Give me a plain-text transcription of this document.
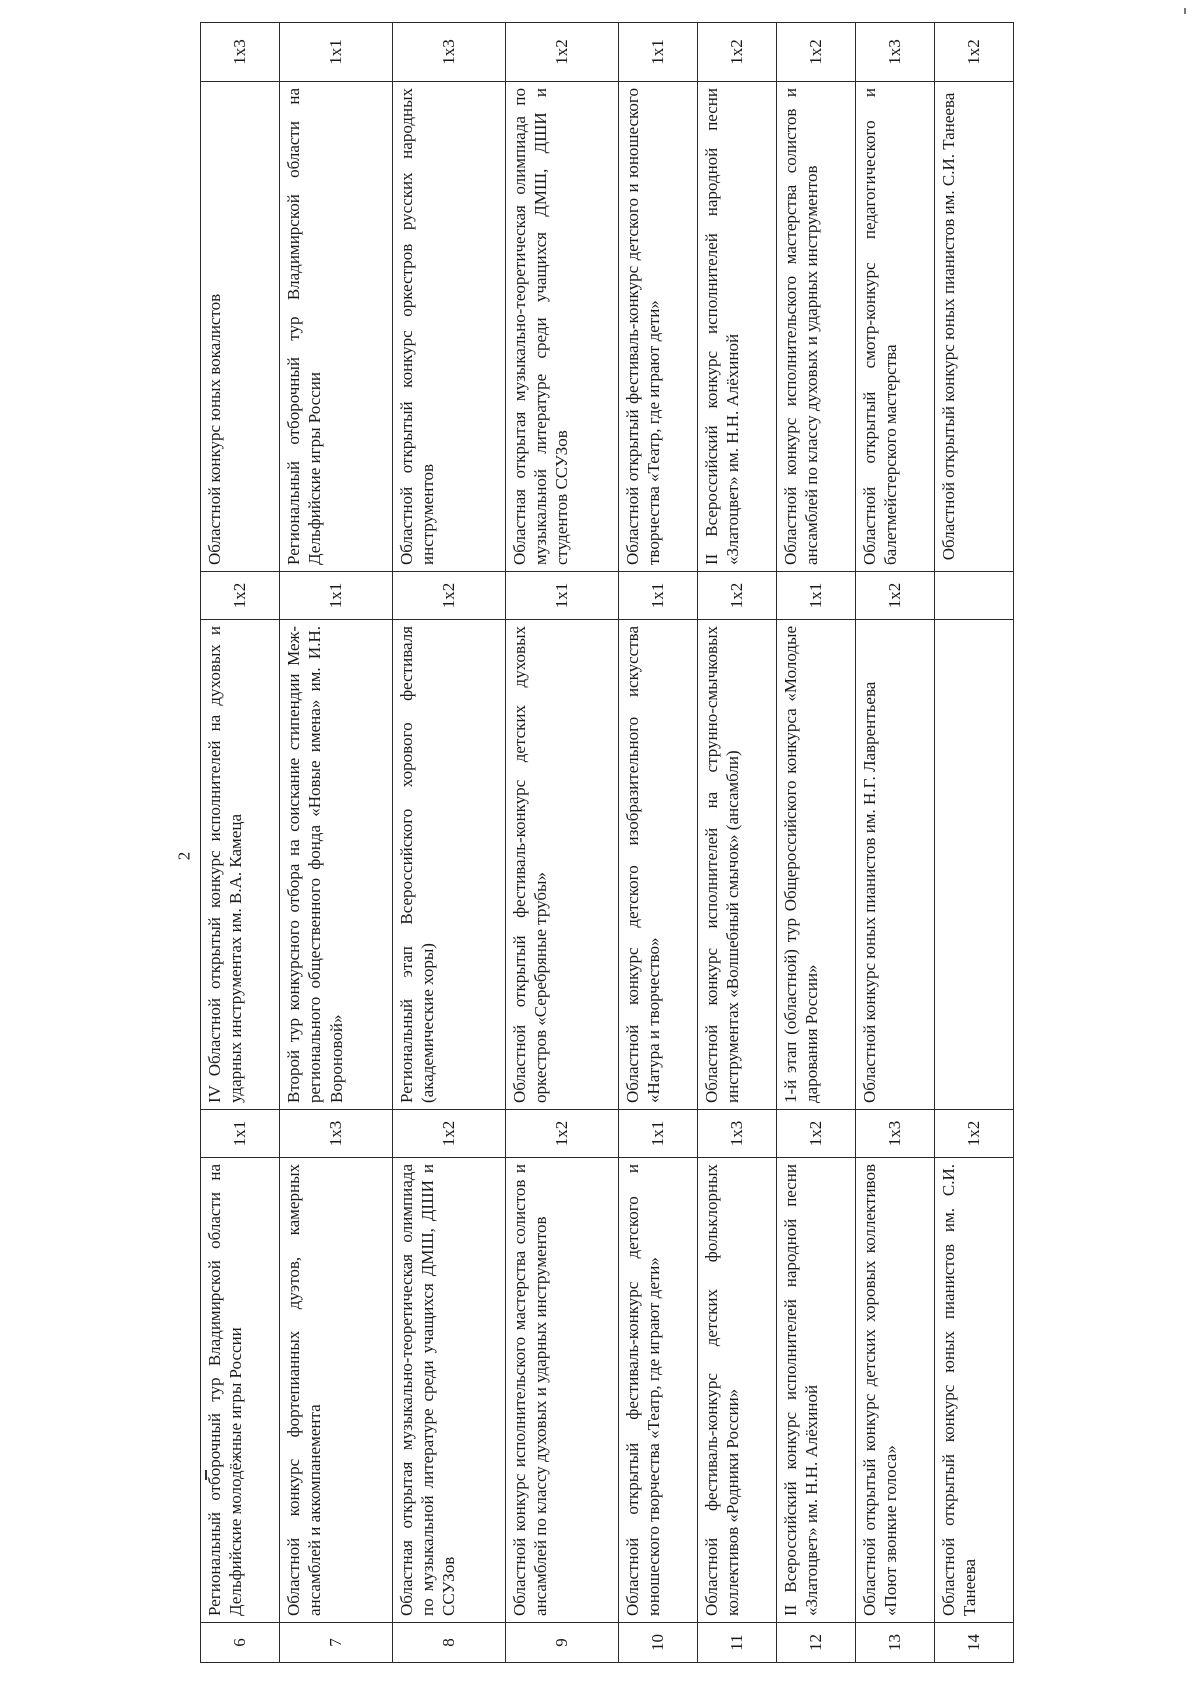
2
6	Региональный отборочный тур Владимирской области на Дельфийские молодёжные игры России	1х1	IV Областной открытый конкурс исполнителей на духовых и ударных инструментах им. В.А. Камеца	1х2	Областной конкурс юных вокалистов	1х3
7	Областной конкурс фортепианных дуэтов, камерных ансамблей и аккомпанемента	1х3	Второй тур конкурсного отбора на соискание стипендии Меж-регионального общественного фонда «Новые имена» им. И.Н. Вороновой»	1х1	Региональный отборочный тур Владимирской области на Дельфийские игры России	1х1
8	Областная открытая музыкально-теоретическая олимпиада по музыкальной литературе среди учащихся ДМШ, ДШИ и ССУЗов	1х2	Региональный этап Всероссийского хорового фестиваля (академические хоры)	1х2	Областной открытый конкурс оркестров русских народных инструментов	1х3
9	Областной конкурс исполнительского мастерства солистов и ансамблей по классу духовых и ударных инструментов	1х2	Областной открытый фестиваль-конкурс детских духовых оркестров «Серебряные трубы»	1х1	Областная открытая музыкально-теоретическая олимпиада по музыкальной литературе среди учащихся ДМШ, ДШИ и студентов ССУЗов	1х2
10	Областной открытый фестиваль-конкурс детского и юношеского творчества «Театр, где играют дети»	1х1	Областной конкурс детского изобразительного искусства «Натура и творчество»	1х1	Областной открытый фестиваль-конкурс детского и юношеского творчества «Театр, где играют дети»	1х1
11	Областной фестиваль-конкурс детских фольклорных коллективов «Родники России»	1х3	Областной конкурс исполнителей на струнно-смычковых инструментах «Волшебный смычок» (ансамбли)	1х2	II Всероссийский конкурс исполнителей народной песни «Златоцвет» им. Н.Н. Алёхиной	1х2
12	II Всероссийский конкурс исполнителей народной песни «Златоцвет» им. Н.Н. Алёхиной	1х2	1-й этап (областной) тур Общероссийского конкурса «Молодые дарования России»	1х1	Областной конкурс исполнительского мастерства солистов и ансамблей по классу духовых и ударных инструментов	1х2
13	Областной открытый конкурс детских хоровых коллективов «Поют звонкие голоса»	1х3	Областной конкурс юных пианистов им. Н.Г. Лаврентьева	1х2	Областной открытый смотр-конкурс педагогического и балетмейстерского мастерства	1х3
14	Областной открытый конкурс юных пианистов им. С.И. Танеева	1х2			Областной открытый конкурс юных пианистов им. С.И. Танеева	1х2
